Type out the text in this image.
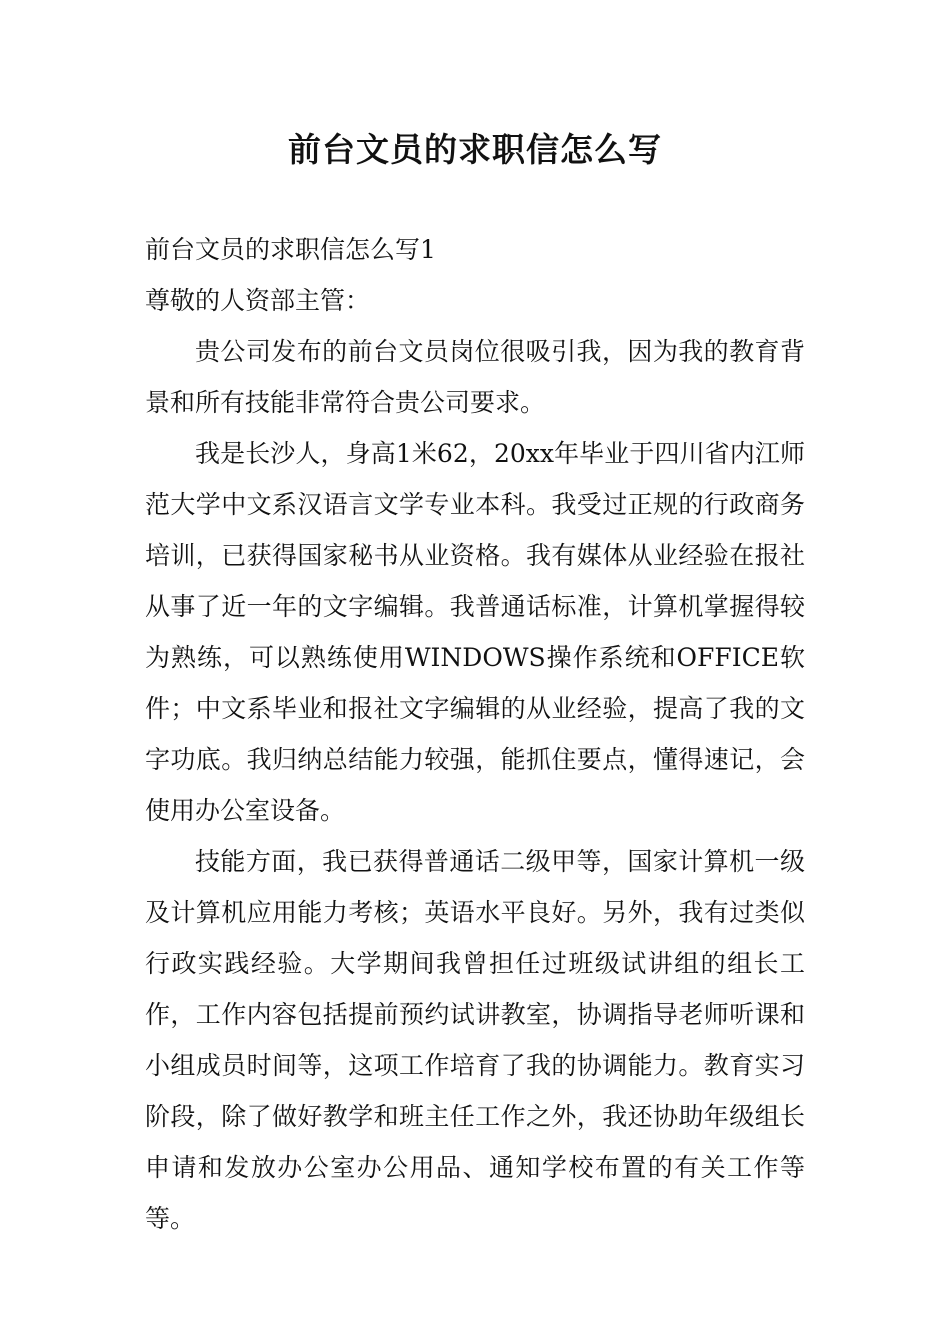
前台文员的求职信怎么写

前台文员的求职信怎么写1

尊敬的人资部主管：

贵公司发布的前台文员岗位很吸引我，因为我的教育背景和所有技能非常符合贵公司要求。

我是长沙人，身高1米62，20xx年毕业于四川省内江师范大学中文系汉语言文学专业本科。我受过正规的行政商务培训，已获得国家秘书从业资格。我有媒体从业经验在报社从事了近一年的文字编辑。我普通话标准，计算机掌握得较为熟练，可以熟练使用WINDOWS操作系统和OFFICE软件；中文系毕业和报社文字编辑的从业经验，提高了我的文字功底。我归纳总结能力较强，能抓住要点，懂得速记，会使用办公室设备。

技能方面，我已获得普通话二级甲等，国家计算机一级及计算机应用能力考核；英语水平良好。另外，我有过类似行政实践经验。大学期间我曾担任过班级试讲组的组长工作，工作内容包括提前预约试讲教室，协调指导老师听课和小组成员时间等，这项工作培育了我的协调能力。教育实习阶段，除了做好教学和班主任工作之外，我还协助年级组长申请和发放办公室办公用品、通知学校布置的有关工作等等。
